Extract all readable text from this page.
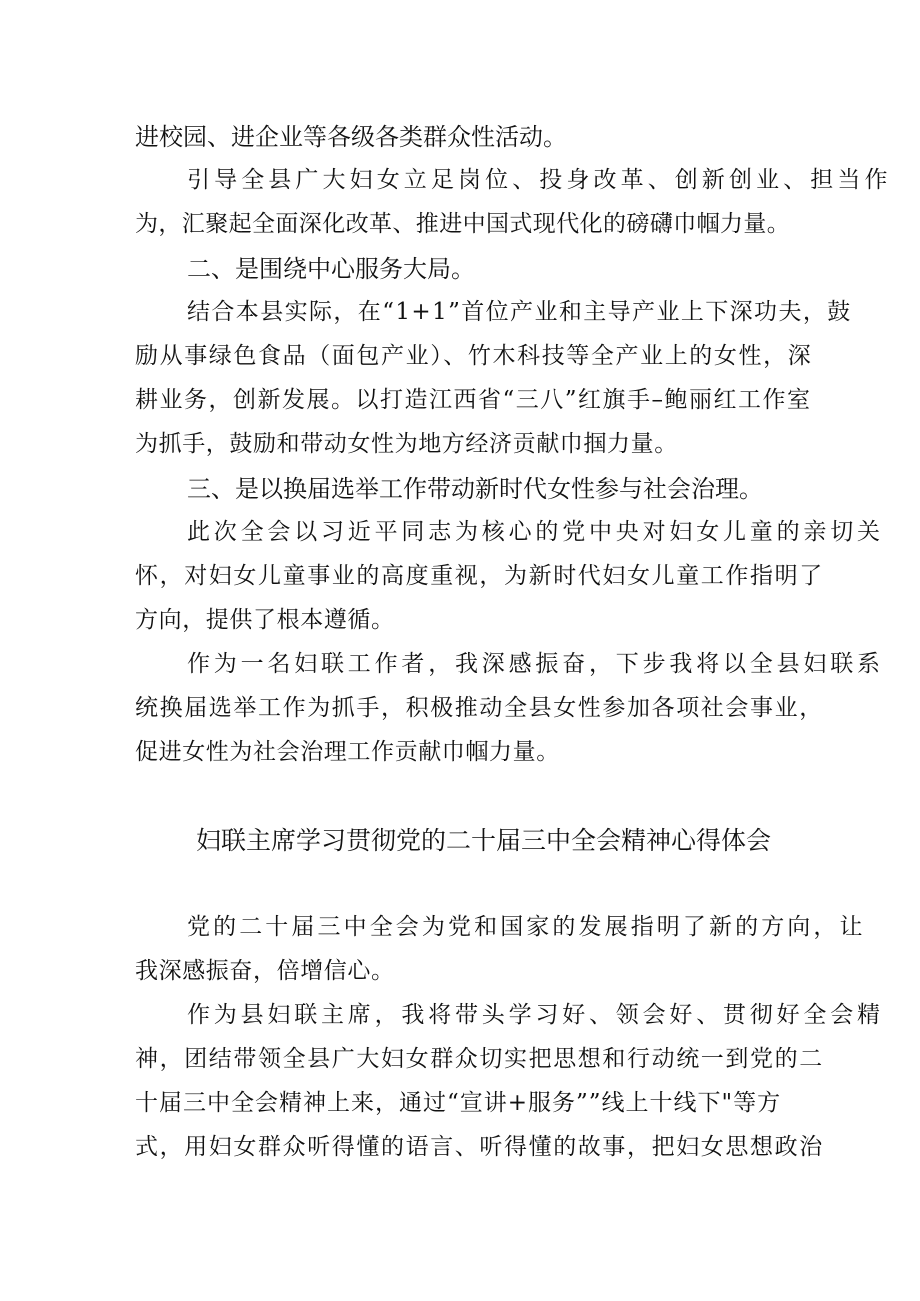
进校园、进企业等各级各类群众性活动。
引导全县广大妇女立足岗位、投身改革、创新创业、担当作
为，汇聚起全面深化改革、推进中国式现代化的磅礴巾帼力量。
二、是围绕中心服务大局。
结合本县实际，在“1+1”首位产业和主导产业上下深功夫，鼓
励从事绿色食品（面包产业）、竹木科技等全产业上的女性，深
耕业务，创新发展。以打造江西省“三八”红旗手–鲍丽红工作室
为抓手，鼓励和带动女性为地方经济贡献巾掴力量。
三、是以换届选举工作带动新时代女性参与社会治理。
此次全会以习近平同志为核心的党中央对妇女儿童的亲切关
怀，对妇女儿童事业的高度重视，为新时代妇女儿童工作指明了
方向，提供了根本遵循。
作为一名妇联工作者，我深感振奋，下步我将以全县妇联系
统换届选举工作为抓手，积极推动全县女性参加各项社会事业，
促进女性为社会治理工作贡献巾帼力量。
妇联主席学习贯彻党的二十届三中全会精神心得体会
党的二十届三中全会为党和国家的发展指明了新的方向，让
我深感振奋，倍增信心。
作为县妇联主席，我将带头学习好、领会好、贯彻好全会精
神，团结带领全县广大妇女群众切实把思想和行动统一到党的二
十届三中全会精神上来，通过“宣讲+服务””线上十线下"等方
式，用妇女群众听得懂的语言、听得懂的故事，把妇女思想政治
